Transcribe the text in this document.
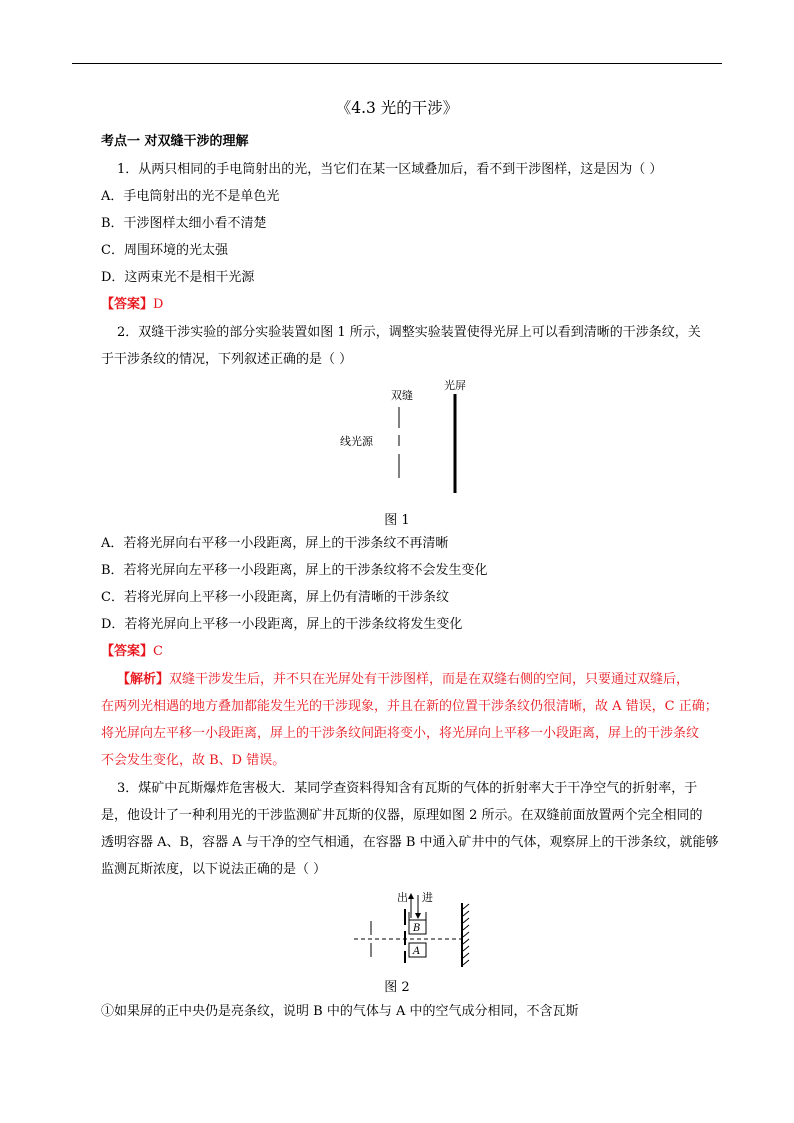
《4.3 光的干涉》
考点一 对双缝干涉的理解
1．从两只相同的手电筒射出的光，当它们在某一区域叠加后，看不到干涉图样，这是因为（ ）
A．手电筒射出的光不是单色光
B．干涉图样太细小看不清楚
C．周围环境的光太强
D．这两束光不是相干光源
【答案】D
2．双缝干涉实验的部分实验装置如图 1 所示，调整实验装置使得光屏上可以看到清晰的干涉条纹，关
于干涉条纹的情况，下列叙述正确的是（ ）
双缝
光屏
线光源
图 1
A．若将光屏向右平移一小段距离，屏上的干涉条纹不再清晰
B．若将光屏向左平移一小段距离，屏上的干涉条纹将不会发生变化
C．若将光屏向上平移一小段距离，屏上仍有清晰的干涉条纹
D．若将光屏向上平移一小段距离，屏上的干涉条纹将发生变化
【答案】C
【解析】双缝干涉发生后，并不只在光屏处有干涉图样，而是在双缝右侧的空间，只要通过双缝后，
在两列光相遇的地方叠加都能发生光的干涉现象，并且在新的位置干涉条纹仍很清晰，故 A 错误，C 正确；
将光屏向左平移一小段距离，屏上的干涉条纹间距将变小，将光屏向上平移一小段距离，屏上的干涉条纹
不会发生变化，故 B、D 错误。
3．煤矿中瓦斯爆炸危害极大．某同学查资料得知含有瓦斯的气体的折射率大于干净空气的折射率，于
是，他设计了一种利用光的干涉监测矿井瓦斯的仪器，原理如图 2 所示。在双缝前面放置两个完全相同的
透明容器 A、B，容器 A 与干净的空气相通，在容器 B 中通入矿井中的气体，观察屏上的干涉条纹，就能够
监测瓦斯浓度，以下说法正确的是（ ）
出 进
B
A
图 2
①如果屏的正中央仍是亮条纹，说明 B 中的气体与 A 中的空气成分相同，不含瓦斯
